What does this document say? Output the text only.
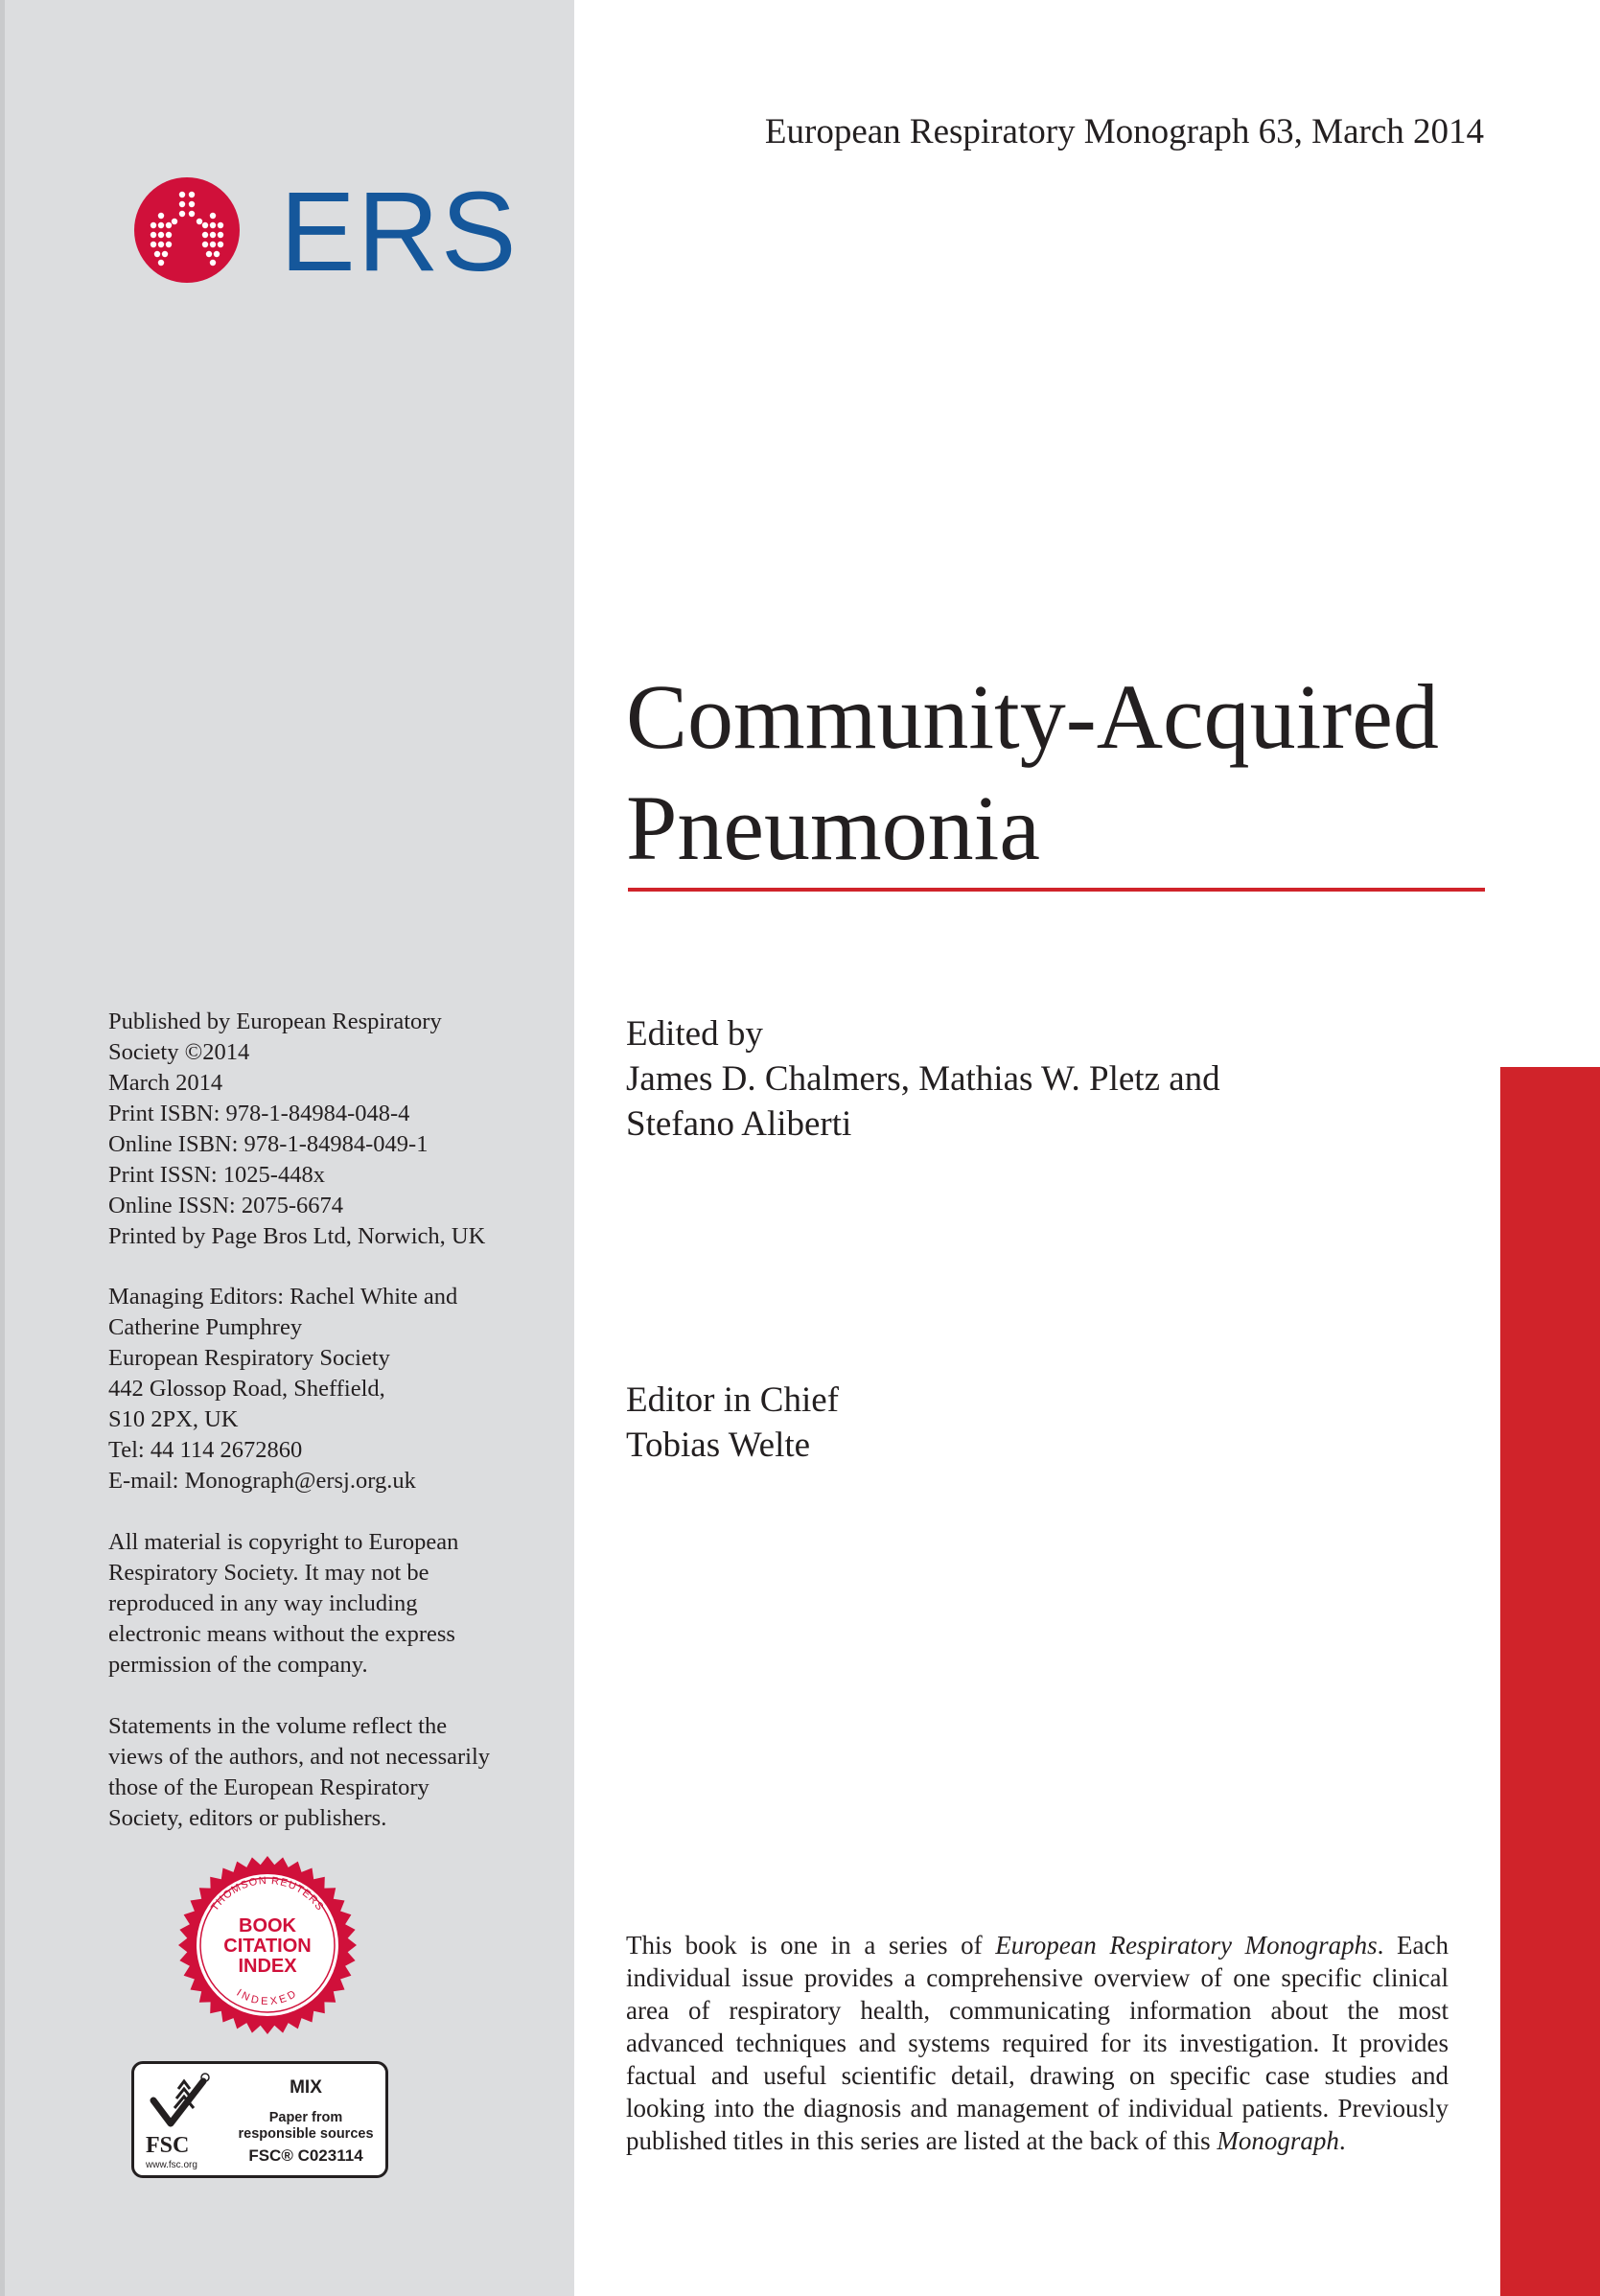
ERS
Published by European Respiratory
Society ©2014
March 2014
Print ISBN: 978-1-84984-048-4
Online ISBN: 978-1-84984-049-1
Print ISSN: 1025-448x
Online ISSN: 2075-6674
Printed by Page Bros Ltd, Norwich, UK
Managing Editors: Rachel White and
Catherine Pumphrey
European Respiratory Society
442 Glossop Road, Sheffield,
S10 2PX, UK
Tel: 44 114 2672860
E-mail: Monograph@ersj.org.uk
All material is copyright to European
Respiratory Society. It may not be
reproduced in any way including
electronic means without the express
permission of the company.
Statements in the volume reflect the
views of the authors, and not necessarily
those of the European Respiratory
Society, editors or publishers.
THOMSON REUTERS
INDEXED
BOOK
CITATION
INDEX
FSC
www.fsc.org
MIX
Paper from
responsible sources
FSC® C023114
European Respiratory Monograph 63, March 2014
Community-Acquired
Pneumonia
Edited by
James D. Chalmers, Mathias W. Pletz and
Stefano Aliberti
Editor in Chief
Tobias Welte

This book is one in a series of European Respiratory Monographs. Each individual issue provides a comprehensive overview of one specific clinical area of respiratory health, communicating information about the most advanced techniques and systems required for its investigation. It provides factual and useful scientific detail, drawing on specific case studies and looking into the diagnosis and management of individual patients. Previously published titles in this series are listed at the back of this Monograph.
